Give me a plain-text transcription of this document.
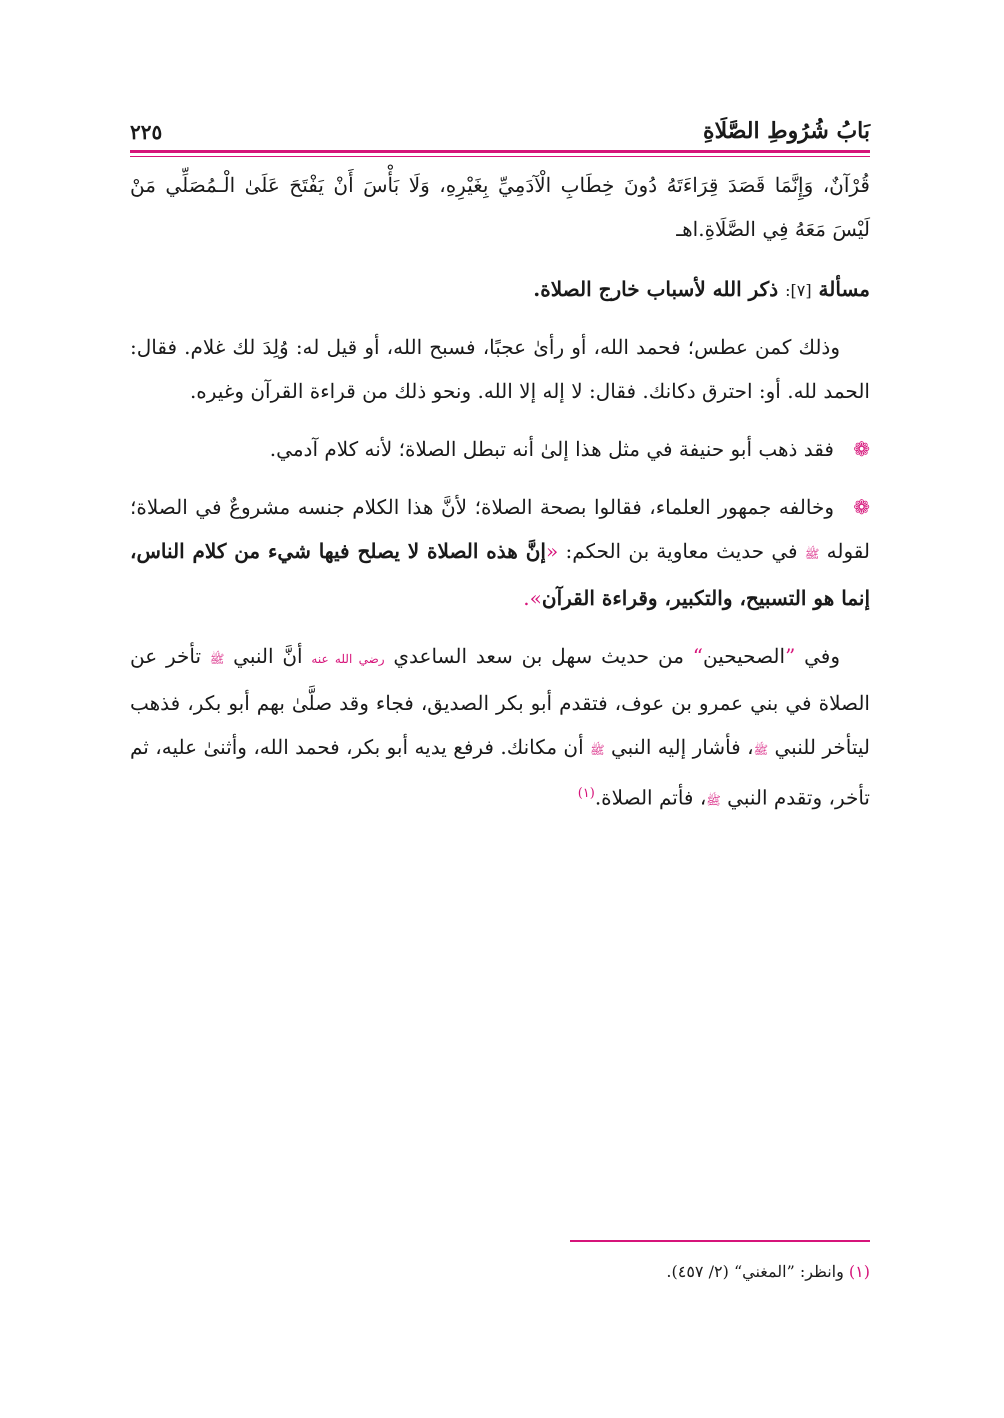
بَابُ شُرُوطِ الصَّلَاةِ
٢٢٥

قُرْآنٌ، وَإِنَّمَا قَصَدَ قِرَاءَتَهُ دُونَ خِطَابِ الْآدَمِيِّ بِغَيْرِهِ، وَلَا بَأْسَ أَنْ يَفْتَحَ عَلَىٰ الْـمُصَلِّي مَنْ لَيْسَ مَعَهُ فِي الصَّلَاةِ.اهـ

مسألة [٧]: ذكر الله لأسباب خارج الصلاة.

وذلك كمن عطس؛ فحمد الله، أو رأىٰ عجبًا، فسبح الله، أو قيل له: وُلِدَ لك غلام. فقال: الحمد لله. أو: احترق دكانك. فقال: لا إله إلا الله. ونحو ذلك من قراءة القرآن وغيره.

❁فقد ذهب أبو حنيفة في مثل هذا إلىٰ أنه تبطل الصلاة؛ لأنه كلام آدمي.

❁وخالفه جمهور العلماء، فقالوا بصحة الصلاة؛ لأنَّ هذا الكلام جنسه مشروعٌ في الصلاة؛ لقوله ﷺ في حديث معاوية بن الحكم: «إنَّ هذه الصلاة لا يصلح فيها شيء من كلام الناس، إنما هو التسبيح، والتكبير، وقراءة القرآن».

وفي ”الصحيحين“ من حديث سهل بن سعد الساعدي رضي الله عنه أنَّ النبي ﷺ تأخر عن الصلاة في بني عمرو بن عوف، فتقدم أبو بكر الصديق، فجاء وقد صلَّىٰ بهم أبو بكر، فذهب ليتأخر للنبي ﷺ، فأشار إليه النبي ﷺ أن مكانك. فرفع يديه أبو بكر، فحمد الله، وأثنىٰ عليه، ثم تأخر، وتقدم النبي ﷺ، فأتم الصلاة.$^{(١)}$

(١) وانظر: ”المغني“ (٢/ ٤٥٧).
